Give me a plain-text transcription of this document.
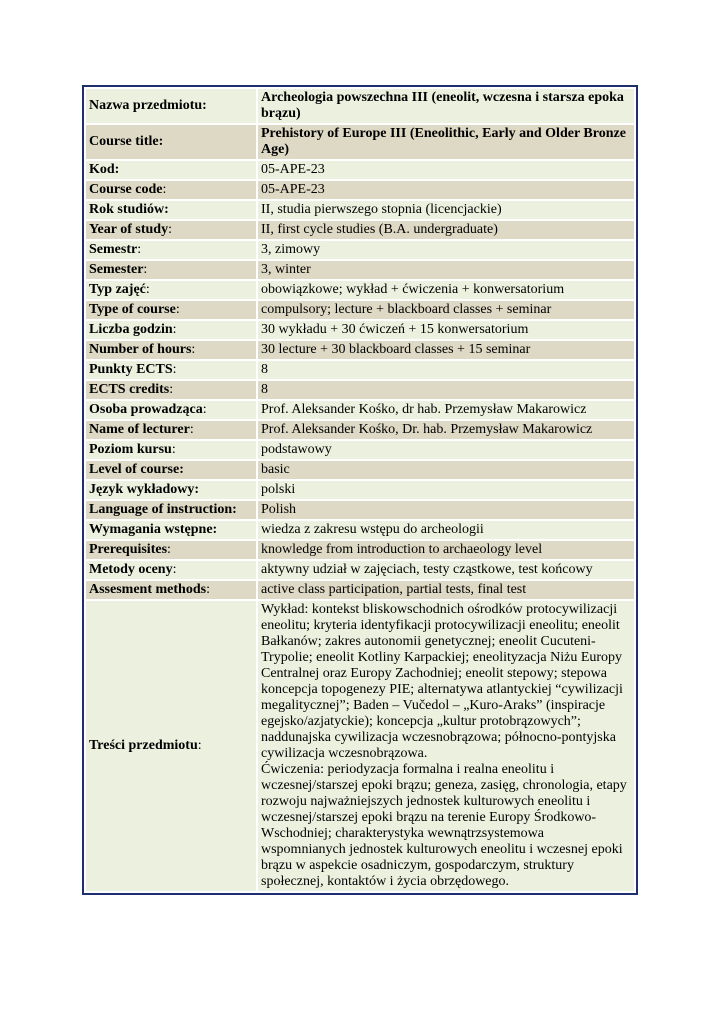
Nazwa przedmiotu:	Archeologia powszechna III (eneolit, wczesna i starsza epoka brązu)
Course title:	Prehistory of Europe III (Eneolithic, Early and Older Bronze Age)
Kod:	05-APE-23
Course code:	05-APE-23
Rok studiów:	II, studia pierwszego stopnia (licencjackie)
Year of study:	II, first cycle studies (B.A. undergraduate)
Semestr:	3, zimowy
Semester:	3, winter
Typ zajęć:	obowiązkowe; wykład + ćwiczenia + konwersatorium
Type of course:	compulsory; lecture + blackboard classes + seminar
Liczba godzin:	30 wykładu + 30 ćwiczeń + 15 konwersatorium
Number of hours:	30 lecture + 30 blackboard classes + 15 seminar
Punkty ECTS:	8
ECTS credits:	8
Osoba prowadząca:	Prof. Aleksander Kośko, dr hab. Przemysław Makarowicz
Name of lecturer:	Prof. Aleksander Kośko, Dr. hab. Przemysław Makarowicz
Poziom kursu:	podstawowy
Level of course:	basic
Język wykładowy:	polski
Language of instruction:	Polish
Wymagania wstępne:	wiedza z zakresu wstępu do archeologii
Prerequisites:	knowledge from introduction to archaeology level
Metody oceny:	aktywny udział w zajęciach, testy cząstkowe, test końcowy
Assesment methods:	active class participation, partial tests, final test
Treści przedmiotu:	Wykład: kontekst bliskowschodnich ośrodków protocywilizacji eneolitu; kryteria identyfikacji protocywilizacji eneolitu; eneolit Bałkanów; zakres autonomii genetycznej; eneolit Cucuteni-Trypolie; eneolit Kotliny Karpackiej; eneolityzacja Niżu Europy Centralnej oraz Europy Zachodniej; eneolit stepowy; stepowa koncepcja topogenezy PIE; alternatywa atlantyckiej “cywilizacji megalitycznej”; Baden – Vučedol – „Kuro-Araks” (inspiracje egejsko/azjatyckie); koncepcja „kultur protobrązowych”; naddunajska cywilizacja wczesnobrązowa; północno-pontyjska cywilizacja wczesnobrązowa.
Ćwiczenia: periodyzacja formalna i realna eneolitu i wczesnej/starszej epoki brązu; geneza, zasięg, chronologia, etapy rozwoju najważniejszych jednostek kulturowych eneolitu i wczesnej/starszej epoki brązu na terenie Europy Środkowo-Wschodniej; charakterystyka wewnątrzsystemowa wspomnianych jednostek kulturowych eneolitu i wczesnej epoki brązu w aspekcie osadniczym, gospodarczym, struktury społecznej, kontaktów i życia obrzędowego.
